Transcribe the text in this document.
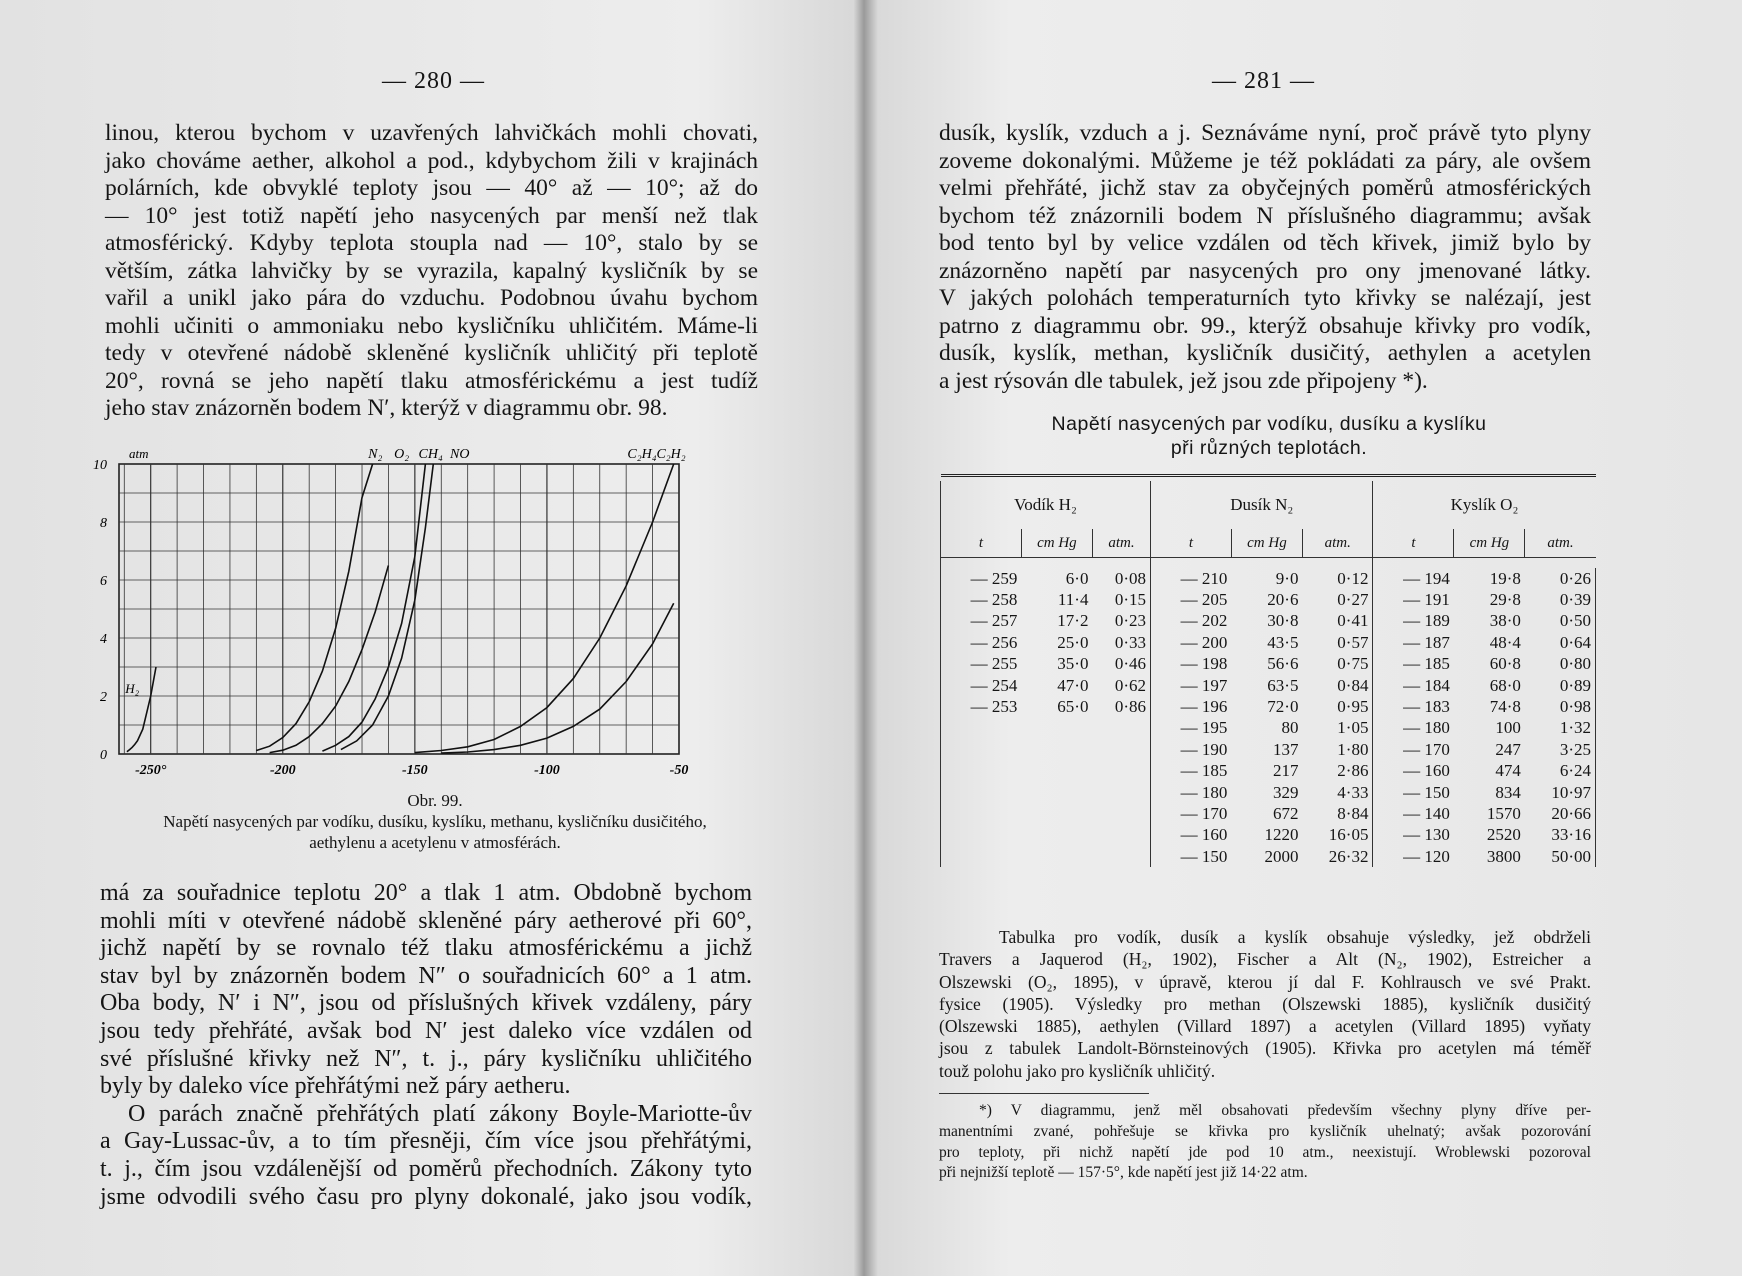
— 280 —
linou, kterou bychom v uzavřených lahvičkách mohli chovati,
jako chováme aether, alkohol a pod., kdybychom žili v krajinách
polárních, kde obvyklé teploty jsou — 40° až — 10°; až do
— 10° jest totiž napětí jeho nasycených par menší než tlak
atmosférický. Kdyby teplota stoupla nad — 10°, stalo by se
větším, zátka lahvičky by se vyrazila, kapalný kysličník by se
vařil a unikl jako pára do vzduchu. Podobnou úvahu bychom
mohli učiniti o ammoniaku nebo kysličníku uhličitém. Máme-li
tedy v otevřené nádobě skleněné kysličník uhličitý při teplotě
20°, rovná se jeho napětí tlaku atmosférickému a jest tudíž
jeho stav znázorněn bodem N′, kterýž v diagrammu obr. 98.
0
2
4
6
8
10
-250°	-200	-150	-100	-50
atm	N₂ O₂ CH₄ NO	C₂H₄ C₂H₂
H₂
Obr. 99.
Napětí nasycených par vodíku, dusíku, kyslíku, methanu, kysličníku dusičitého,
aethylenu a acetylenu v atmosférách.
má za souřadnice teplotu 20° a tlak 1 atm. Obdobně bychom
mohli míti v otevřené nádobě skleněné páry aetherové při 60°,
jichž napětí by se rovnalo též tlaku atmosférickému a jichž
stav byl by znázorněn bodem N″ o souřadnicích 60° a 1 atm.
Oba body, N′ i N″, jsou od příslušných křivek vzdáleny, páry
jsou tedy přehřáté, avšak bod N′ jest daleko více vzdálen od
své příslušné křivky než N″, t. j., páry kysličníku uhličitého
byly by daleko více přehřátými než páry aetheru.
O parách značně přehřátých platí zákony Boyle-Mariotte-ův
a Gay-Lussac-ův, a to tím přesněji, čím více jsou přehřátými,
t. j., čím jsou vzdálenější od poměrů přechodních. Zákony tyto
jsme odvodili svého času pro plyny dokonalé, jako jsou vodík,
— 281 —
dusík, kyslík, vzduch a j. Seznáváme nyní, proč právě tyto plyny
zoveme dokonalými. Můžeme je též pokládati za páry, ale ovšem
velmi přehřáté, jichž stav za obyčejných poměrů atmosférických
bychom též znázornili bodem N příslušného diagrammu; avšak
bod tento byl by velice vzdálen od těch křivek, jimiž bylo by
znázorněno napětí par nasycených pro ony jmenované látky.
V jakých polohách temperaturních tyto křivky se nalézají, jest
patrno z diagrammu obr. 99., kterýž obsahuje křivky pro vodík,
dusík, kyslík, methan, kysličník dusičitý, aethylen a acetylen
a jest rýsován dle tabulek, jež jsou zde připojeny *).
Napětí nasycených par vodíku, dusíku a kyslíku
při různých teplotách.

Vodík H₂			Dusík N₂			Kyslík O₂		
t	cm Hg	atm.	t	cm Hg	atm.	t	cm Hg	atm.

— 259	6·0	0·08	— 210	9·0	0·12	— 194	19·8	0·26
— 258	11·4	0·15	— 205	20·6	0·27	— 191	29·8	0·39
— 257	17·2	0·23	— 202	30·8	0·41	— 189	38·0	0·50
— 256	25·0	0·33	— 200	43·5	0·57	— 187	48·4	0·64
— 255	35·0	0·46	— 198	56·6	0·75	— 185	60·8	0·80
— 254	47·0	0·62	— 197	63·5	0·84	— 184	68·0	0·89
— 253	65·0	0·86	— 196	72·0	0·95	— 183	74·8	0·98
			— 195	80	1·05	— 180	100	1·32
			— 190	137	1·80	— 170	247	3·25
			— 185	217	2·86	— 160	474	6·24
			— 180	329	4·33	— 150	834	10·97
			— 170	672	8·84	— 140	1570	20·66
			— 160	1220	16·05	— 130	2520	33·16
			— 150	2000	26·32	— 120	3800	50·00
Tabulka pro vodík, dusík a kyslík obsahuje výsledky, jež obdrželi
Travers a Jaquerod (H₂, 1902), Fischer a Alt (N₂, 1902), Estreicher a
Olszewski (O₂, 1895), v úpravě, kterou jí dal F. Kohlrausch ve své Prakt.
fysice (1905). Výsledky pro methan (Olszewski 1885), kysličník dusičitý
(Olszewski 1885), aethylen (Villard 1897) a acetylen (Villard 1895) vyňaty
jsou z tabulek Landolt-Börnsteinových (1905). Křivka pro acetylen má téměř
touž polohu jako pro kysličník uhličitý.
*) V diagrammu, jenž měl obsahovati především všechny plyny dříve per-
manentními zvané, pohřešuje se křivka pro kysličník uhelnatý; avšak pozorování
pro teploty, při nichž napětí jde pod 10 atm., neexistují. Wroblewski pozoroval
při nejnižší teplotě — 157·5°, kde napětí jest již 14·22 atm.
